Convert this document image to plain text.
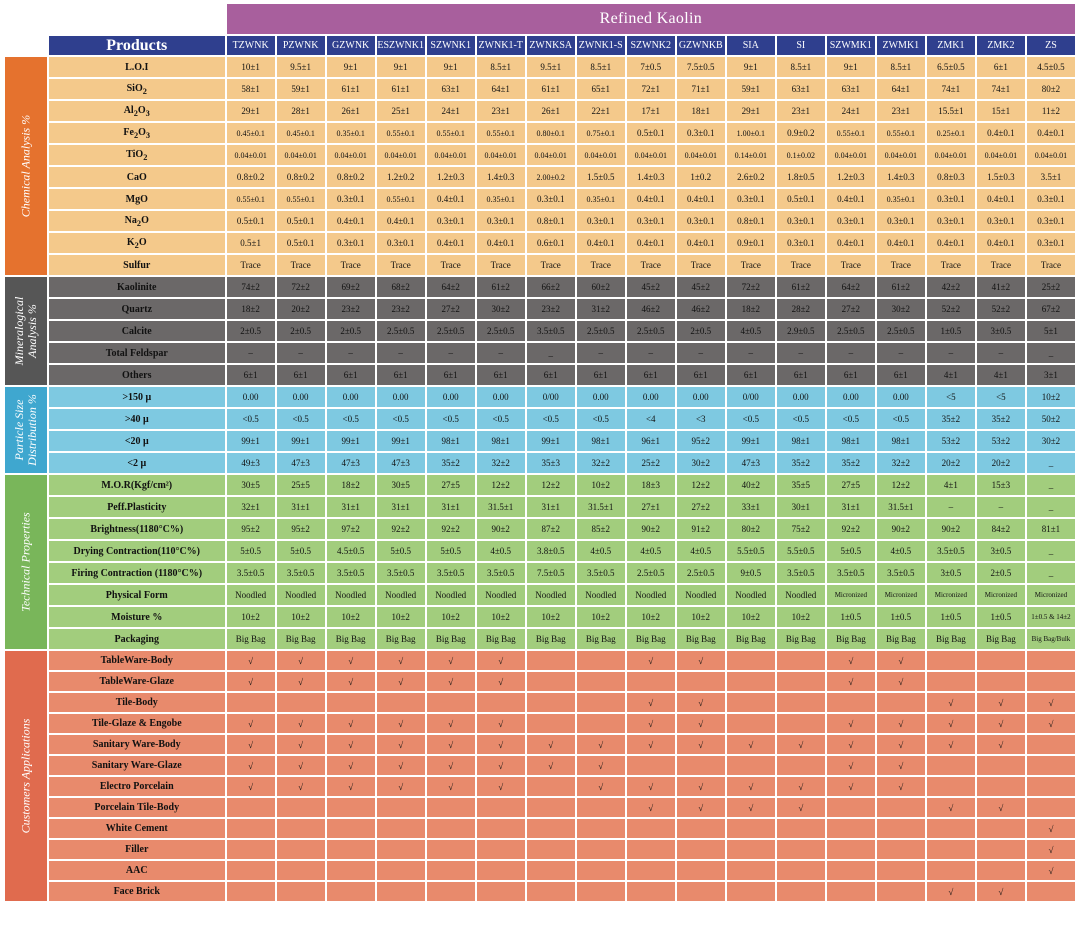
		Refined Kaolin																
	Products	TZWNK	PZWNK	GZWNK	ESZWNK1	SZWNK1	ZWNK1-T	ZWNKSA	ZWNK1-S	SZWNK2	GZWNKB	SIA	SI	SZWMK1	ZWMK1	ZMK1	ZMK2	ZS

Chemical Analysis %	L.O.I	10±1	9.5±1	9±1	9±1	9±1	8.5±1	9.5±1	8.5±1	7±0.5	7.5±0.5	9±1	8.5±1	9±1	8.5±1	6.5±0.5	6±1	4.5±0.5
	SiO$_2$	58±1	59±1	61±1	61±1	63±1	64±1	61±1	65±1	72±1	71±1	59±1	63±1	63±1	64±1	74±1	74±1	80±2
	$Al_2O_3$	29±1	28±1	26±1	25±1	24±1	23±1	26±1	22±1	17±1	18±1	29±1	23±1	24±1	23±1	15.5±1	15±1	11±2
	$Fe_2O_3$	0.45±0.1	0.45±0.1	0.35±0.1	0.55±0.1	0.55±0.1	0.55±0.1	0.80±0.1	0.75±0.1	0.5±0.1	0.3±0.1	1.00±0.1	0.9±0.2	0.55±0.1	0.55±0.1	0.25±0.1	0.4±0.1	0.4±0.1
	TiO$_2$	0.04±0.01	0.04±0.01	0.04±0.01	0.04±0.01	0.04±0.01	0.04±0.01	0.04±0.01	0.04±0.01	0.04±0.01	0.04±0.01	0.14±0.01	0.1±0.02	0.04±0.01	0.04±0.01	0.04±0.01	0.04±0.01	0.04±0.01
	CaO	0.8±0.2	0.8±0.2	0.8±0.2	1.2±0.2	1.2±0.3	1.4±0.3	2.00±0.2	1.5±0.5	1.4±0.3	1±0.2	2.6±0.2	1.8±0.5	1.2±0.3	1.4±0.3	0.8±0.3	1.5±0.3	3.5±1
	MgO	0.55±0.1	0.55±0.1	0.3±0.1	0.55±0.1	0.4±0.1	0.35±0.1	0.3±0.1	0.35±0.1	0.4±0.1	0.4±0.1	0.3±0.1	0.5±0.1	0.4±0.1	0.35±0.1	0.3±0.1	0.4±0.1	0.3±0.1
	$Na_2O$	0.5±0.1	0.5±0.1	0.4±0.1	0.4±0.1	0.3±0.1	0.3±0.1	0.8±0.1	0.3±0.1	0.3±0.1	0.3±0.1	0.8±0.1	0.3±0.1	0.3±0.1	0.3±0.1	0.3±0.1	0.3±0.1	0.3±0.1
	$K_2O$	0.5±1	0.5±0.1	0.3±0.1	0.3±0.1	0.4±0.1	0.4±0.1	0.6±0.1	0.4±0.1	0.4±0.1	0.4±0.1	0.9±0.1	0.3±0.1	0.4±0.1	0.4±0.1	0.4±0.1	0.4±0.1	0.3±0.1
	Sulfur	Trace	Trace	Trace	Trace	Trace	Trace	Trace	Trace	Trace	Trace	Trace	Trace	Trace	Trace	Trace	Trace	Trace

Mineralogical Analysis %	Kaolinite	74±2	72±2	69±2	68±2	64±2	61±2	66±2	60±2	45±2	45±2	72±2	61±2	64±2	61±2	42±2	41±2	25±2
	Quartz	18±2	20±2	23±2	23±2	27±2	30±2	23±2	31±2	46±2	46±2	18±2	28±2	27±2	30±2	52±2	52±2	67±2
	Calcite	2±0.5	2±0.5	2±0.5	2.5±0.5	2.5±0.5	2.5±0.5	3.5±0.5	2.5±0.5	2.5±0.5	2±0.5	4±0.5	2.9±0.5	2.5±0.5	2.5±0.5	1±0.5	3±0.5	5±1
	Total Feldspar	–	–	–	–	–	–	_	–	–	–	–	–	–	–	–	–	_
	Others	6±1	6±1	6±1	6±1	6±1	6±1	6±1	6±1	6±1	6±1	6±1	6±1	6±1	6±1	4±1	4±1	3±1

Particle Size Distribution %	>150 μ	0.00	0.00	0.00	0.00	0.00	0.00	0/00	0.00	0.00	0.00	0/00	0.00	0.00	0.00	<5	<5	10±2
	>40 μ	<0.5	<0.5	<0.5	<0.5	<0.5	<0.5	<0.5	<0.5	<4	<3	<0.5	<0.5	<0.5	<0.5	35±2	35±2	50±2
	<20 μ	99±1	99±1	99±1	99±1	98±1	98±1	99±1	98±1	96±1	95±2	99±1	98±1	98±1	98±1	53±2	53±2	30±2
	<2 μ	49±3	47±3	47±3	47±3	35±2	32±2	35±3	32±2	25±2	30±2	47±3	35±2	35±2	32±2	20±2	20±2	_

Technical Properties	M.O.R(Kgf/cm²)	30±5	25±5	18±2	30±5	27±5	12±2	12±2	10±2	18±3	12±2	40±2	35±5	27±5	12±2	4±1	15±3	_
	Peff.Plasticity	32±1	31±1	31±1	31±1	31±1	31.5±1	31±1	31.5±1	27±1	27±2	33±1	30±1	31±1	31.5±1	–	–	_
	Brightness(1180°C%)	95±2	95±2	97±2	92±2	92±2	90±2	87±2	85±2	90±2	91±2	80±2	75±2	92±2	90±2	90±2	84±2	81±1
	Drying Contraction(110°C%)	5±0.5	5±0.5	4.5±0.5	5±0.5	5±0.5	4±0.5	3.8±0.5	4±0.5	4±0.5	4±0.5	5.5±0.5	5.5±0.5	5±0.5	4±0.5	3.5±0.5	3±0.5	_
	Firing Contraction (1180°C%)	3.5±0.5	3.5±0.5	3.5±0.5	3.5±0.5	3.5±0.5	3.5±0.5	7.5±0.5	3.5±0.5	2.5±0.5	2.5±0.5	9±0.5	3.5±0.5	3.5±0.5	3.5±0.5	3±0.5	2±0.5	_
	Physical Form	Noodled	Noodled	Noodled	Noodled	Noodled	Noodled	Noodled	Noodled	Noodled	Noodled	Noodled	Noodled	Micronized	Micronized	Micronized	Micronized	Micronized
	Moisture %	10±2	10±2	10±2	10±2	10±2	10±2	10±2	10±2	10±2	10±2	10±2	10±2	1±0.5	1±0.5	1±0.5	1±0.5	1±0.5 & 14±2
	Packaging	Big Bag	Big Bag	Big Bag	Big Bag	Big Bag	Big Bag	Big Bag	Big Bag	Big Bag	Big Bag	Big Bag	Big Bag	Big Bag	Big Bag	Big Bag	Big Bag	Big Bag/Bulk

Customers Applications	TableWare-Body	√	√	√	√	√	√			√	√			√	√			
	TableWare-Glaze	√	√	√	√	√	√							√	√			
	Tile-Body									√	√					√	√	√
	Tile-Glaze & Engobe	√	√	√	√	√	√			√	√			√	√	√	√	√
	Sanitary Ware-Body	√	√	√	√	√	√	√	√	√	√	√	√	√	√	√	√	
	Sanitary Ware-Glaze	√	√	√	√	√	√	√	√					√	√			
	Electro Porcelain	√	√	√	√	√	√		√	√	√	√	√	√	√			
	Porcelain Tile-Body									√	√	√	√			√	√	
	White Cement																	√
	Filler																	√
	AAC																	√
	Face Brick															√	√	
